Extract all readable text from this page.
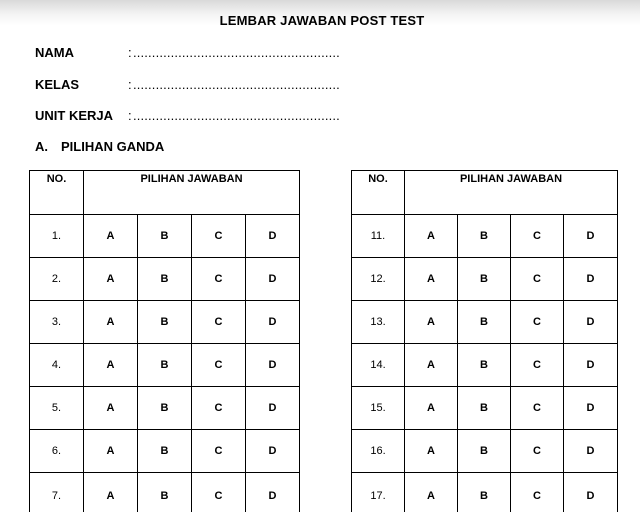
LEMBAR JAWABAN POST TEST
NAMA	: .......................................................
KELAS	: .......................................................
UNIT KERJA : .......................................................
A. PILIHAN GANDA
NO.	PILIHAN JAWABAN			
1.	A	B	C	D
2.	A	B	C	D
3.	A	B	C	D
4.	A	B	C	D
5.	A	B	C	D
6.	A	B	C	D
7.	A	B	C	D
NO.	PILIHAN JAWABAN			
11.	A	B	C	D
12.	A	B	C	D
13.	A	B	C	D
14.	A	B	C	D
15.	A	B	C	D
16.	A	B	C	D
17.	A	B	C	D
